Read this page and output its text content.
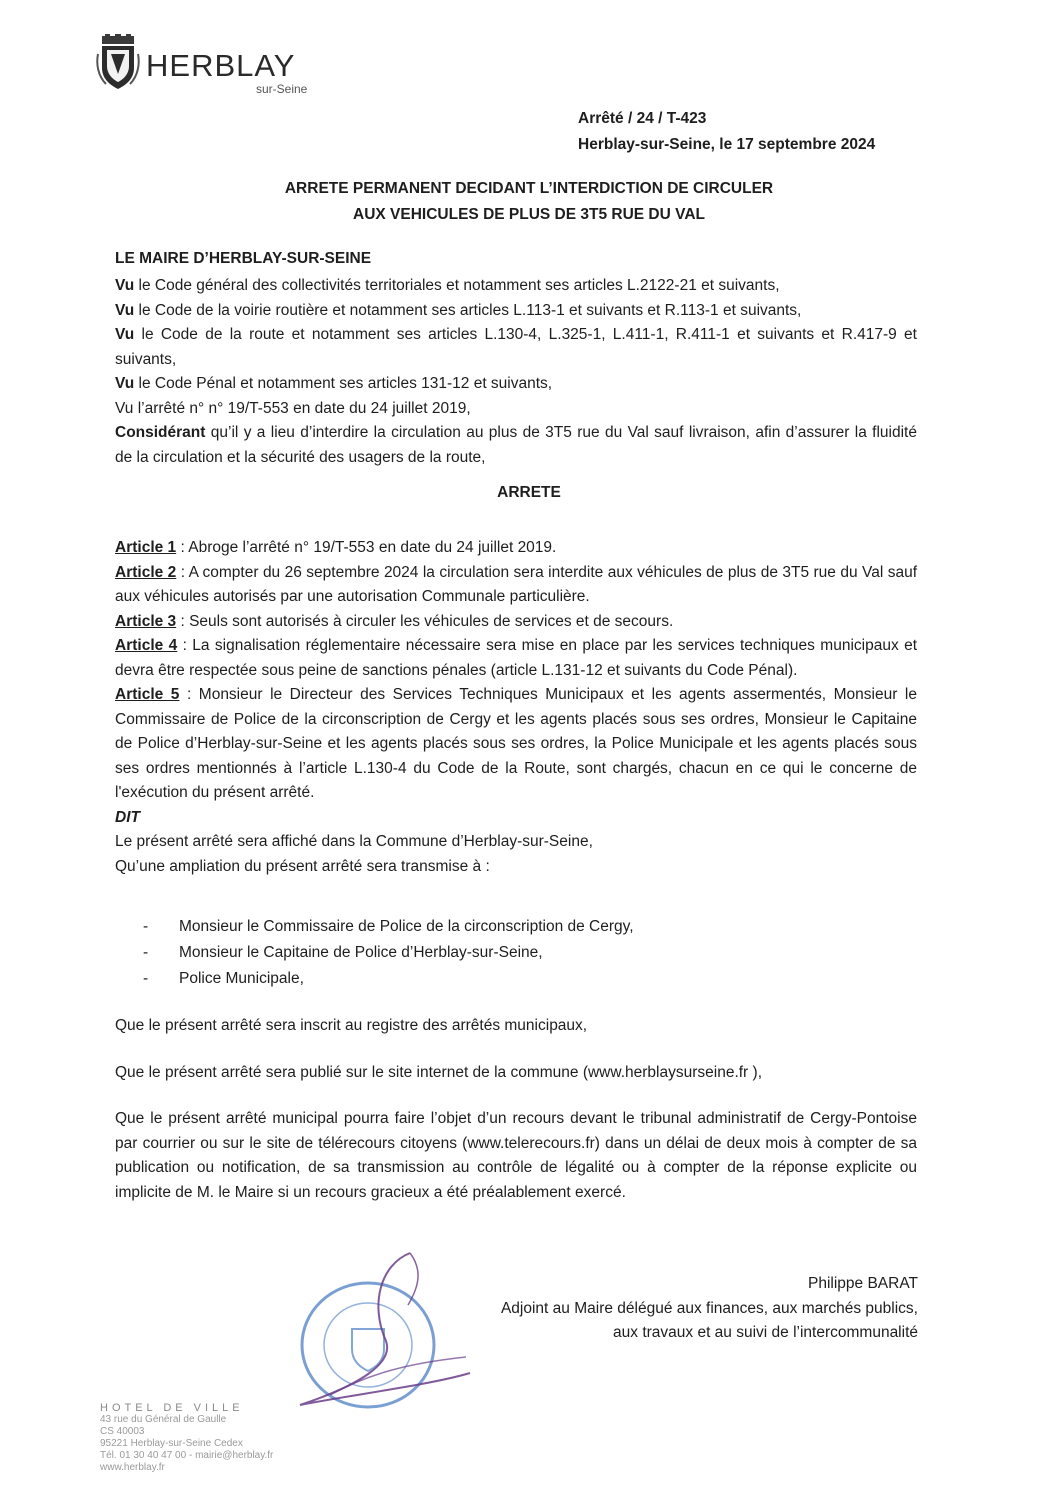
HERBLAY
sur-Seine
Arrêté / 24 / T-423
Herblay-sur-Seine, le 17 septembre 2024
ARRETE PERMANENT DECIDANT L’INTERDICTION DE CIRCULER
AUX VEHICULES DE PLUS DE 3T5 RUE DU VAL
LE MAIRE D’HERBLAY-SUR-SEINE

Vu le Code général des collectivités territoriales et notamment ses articles L.2122-21 et suivants,

Vu le Code de la voirie routière et notamment ses articles L.113-1 et suivants et R.113-1 et suivants,

Vu le Code de la route et notamment ses articles L.130-4, L.325-1, L.411-1, R.411-1 et suivants et R.417-9 et suivants,

Vu le Code Pénal et notamment ses articles 131-12 et suivants,

Vu l’arrêté n° n° 19/T-553 en date du 24 juillet 2019,

Considérant qu’il y a lieu d’interdire la circulation au plus de 3T5 rue du Val sauf livraison, afin d’assurer la fluidité de la circulation et la sécurité des usagers de la route,

ARRETE

Article 1 : Abroge l’arrêté n° 19/T-553 en date du 24 juillet 2019.

Article 2 : A compter du 26 septembre 2024 la circulation sera interdite aux véhicules de plus de 3T5 rue du Val sauf aux véhicules autorisés par une autorisation Communale particulière.

Article 3 : Seuls sont autorisés à circuler les véhicules de services et de secours.

Article 4 : La signalisation réglementaire nécessaire sera mise en place par les services techniques municipaux et devra être respectée sous peine de sanctions pénales (article L.131-12 et suivants du Code Pénal).

Article 5 : Monsieur le Directeur des Services Techniques Municipaux et les agents assermentés, Monsieur le Commissaire de Police de la circonscription de Cergy et les agents placés sous ses ordres, Monsieur le Capitaine de Police d’Herblay-sur-Seine et les agents placés sous ses ordres, la Police Municipale et les agents placés sous ses ordres mentionnés à l’article L.130-4 du Code de la Route, sont chargés, chacun en ce qui le concerne de l'exécution du présent arrêté.

DIT

Le présent arrêté sera affiché dans la Commune d’Herblay-sur-Seine,

Qu’une ampliation du présent arrêté sera transmise à :

- Monsieur le Commissaire de Police de la circonscription de Cergy,
- Monsieur le Capitaine de Police d’Herblay-sur-Seine,
- Police Municipale,

Que le présent arrêté sera inscrit au registre des arrêtés municipaux,

Que le présent arrêté sera publié sur le site internet de la commune (www.herblaysurseine.fr ),

Que le présent arrêté municipal pourra faire l’objet d’un recours devant le tribunal administratif de Cergy-Pontoise par courrier ou sur le site de télérecours citoyens (www.telerecours.fr) dans un délai de deux mois à compter de sa publication ou notification, de sa transmission au contrôle de légalité ou à compter de la réponse explicite ou implicite de M. le Maire si un recours gracieux a été préalablement exercé.

Philippe BARAT
Adjoint au Maire délégué aux finances, aux marchés publics,
aux travaux et au suivi de l’intercommunalité
HOTEL DE VILLE
43 rue du Général de Gaulle
CS 40003
95221 Herblay-sur-Seine Cedex
Tél. 01 30 40 47 00 - mairie@herblay.fr
www.herblay.fr
